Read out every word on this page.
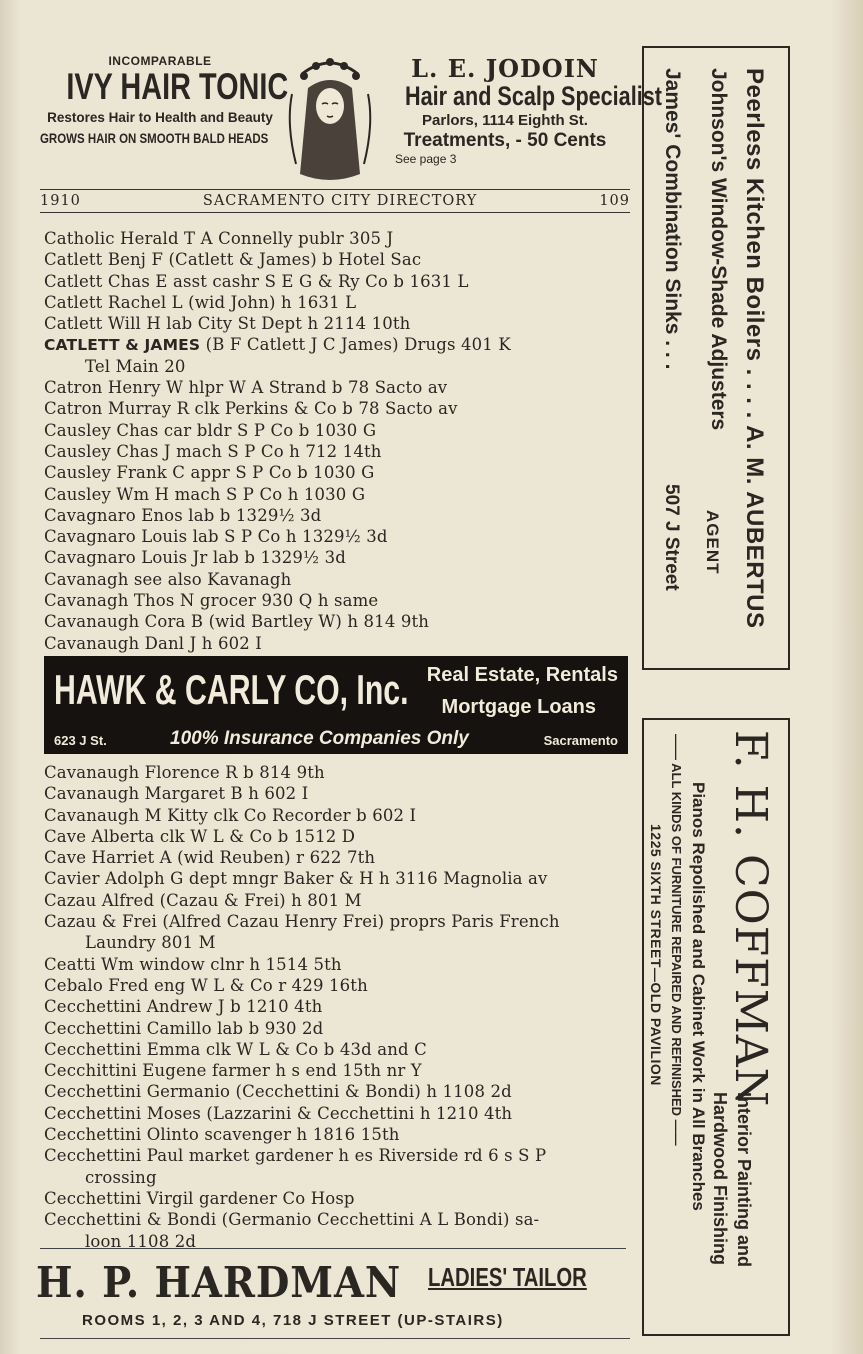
INCOMPARABLE
IVY HAIR TONIC
Restores Hair to Health and Beauty
GROWS HAIR ON SMOOTH BALD HEADS
L. E. JODOIN
Hair and Scalp Specialist
Parlors, 1114 Eighth St.
Treatments, - 50 Cents
See page 3
1910	SACRAMENTO CITY DIRECTORY	109
Catholic Herald T A Connelly publr 305 J
Catlett Benj F (Catlett & James) b Hotel Sac
Catlett Chas E asst cashr S E G & Ry Co b 1631 L
Catlett Rachel L (wid John) h 1631 L
Catlett Will H lab City St Dept h 2114 10th
CATLETT & JAMES (B F Catlett J C James) Drugs 401 K
Tel Main 20
Catron Henry W hlpr W A Strand b 78 Sacto av
Catron Murray R clk Perkins & Co b 78 Sacto av
Causley Chas car bldr S P Co b 1030 G
Causley Chas J mach S P Co h 712 14th
Causley Frank C appr S P Co b 1030 G
Causley Wm H mach S P Co h 1030 G
Cavagnaro Enos lab b 1329½ 3d
Cavagnaro Louis lab S P Co h 1329½ 3d
Cavagnaro Louis Jr lab b 1329½ 3d
Cavanagh see also Kavanagh
Cavanagh Thos N grocer 930 Q h same
Cavanaugh Cora B (wid Bartley W) h 814 9th
Cavanaugh Danl J h 602 I
HAWK & CARLY CO, Inc. Real Estate, Rentals
Mortgage Loans
623 J St.	100% Insurance Companies Only	Sacramento
Cavanaugh Florence R b 814 9th
Cavanaugh Margaret B h 602 I
Cavanaugh M Kitty clk Co Recorder b 602 I
Cave Alberta clk W L & Co b 1512 D
Cave Harriet A (wid Reuben) r 622 7th
Cavier Adolph G dept mngr Baker & H h 3116 Magnolia av
Cazau Alfred (Cazau & Frei) h 801 M
Cazau & Frei (Alfred Cazau Henry Frei) proprs Paris French
Laundry 801 M
Ceatti Wm window clnr h 1514 5th
Cebalo Fred eng W L & Co r 429 16th
Cecchettini Andrew J b 1210 4th
Cecchettini Camillo lab b 930 2d
Cecchettini Emma clk W L & Co b 43d and C
Cecchittini Eugene farmer h s end 15th nr Y
Cecchettini Germanio (Cecchettini & Bondi) h 1108 2d
Cecchettini Moses (Lazzarini & Cecchettini h 1210 4th
Cecchettini Olinto scavenger h 1816 15th
Cecchettini Paul market gardener h es Riverside rd 6 s S P
crossing
Cecchettini Virgil gardener Co Hosp
Cecchettini & Bondi (Germanio Cecchettini A L Bondi) sa-
loon 1108 2d
H. P. HARDMAN LADIES' TAILOR
ROOMS 1, 2, 3 AND 4, 718 J STREET (UP-STAIRS)
Peerless Kitchen Boilers . . . . A. M. AUBERTUS
Johnson's Window-Shade Adjusters
AGENT
James' Combination Sinks . . .
507 J Street
F. H. COFFMAN
Interior Painting and
Hardwood Finishing
Pianos Repolished and Cabinet Work in All Branches
—— ALL KINDS OF FURNITURE REPAIRED AND REFINISHED ——
1225 SIXTH STREET—OLD PAVILION
